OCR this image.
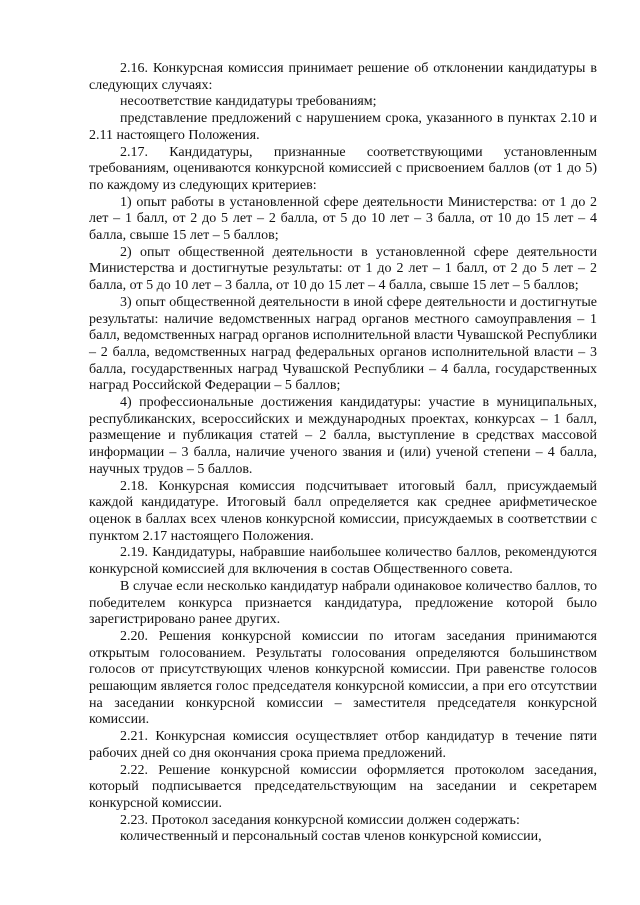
2.16. Конкурсная комиссия принимает решение об отклонении кандидатуры в следующих случаях:

несоответствие кандидатуры требованиям;

представление предложений с нарушением срока, указанного в пунктах 2.10 и 2.11 настоящего Положения.

2.17. Кандидатуры, признанные соответствующими установленным требованиям, оцениваются конкурсной комиссией с присвоением баллов (от 1 до 5) по каждому из следующих критериев:

1) опыт работы в установленной сфере деятельности Министерства: от 1 до 2 лет – 1 балл, от 2 до 5 лет – 2 балла, от 5 до 10 лет – 3 балла, от 10 до 15 лет – 4 балла, свыше 15 лет – 5 баллов;

2) опыт общественной деятельности в установленной сфере деятельности Министерства и достигнутые результаты: от 1 до 2 лет – 1 балл, от 2 до 5 лет – 2 балла, от 5 до 10 лет – 3 балла, от 10 до 15 лет – 4 балла, свыше 15 лет – 5 баллов;

3) опыт общественной деятельности в иной сфере деятельности и достигнутые результаты: наличие ведомственных наград органов местного самоуправления – 1 балл, ведомственных наград органов исполнительной власти Чувашской Республики – 2 балла, ведомственных наград федеральных органов исполнительной власти – 3 балла, государственных наград Чувашской Республики – 4 балла, государственных наград Российской Федерации – 5 баллов;

4) профессиональные достижения кандидатуры: участие в муниципальных, республиканских, всероссийских и международных проектах, конкурсах – 1 балл, размещение и публикация статей – 2 балла, выступление в средствах массовой информации – 3 балла, наличие ученого звания и (или) ученой степени – 4 балла, научных трудов – 5 баллов.

2.18. Конкурсная комиссия подсчитывает итоговый балл, присуждаемый каждой кандидатуре. Итоговый балл определяется как среднее арифметическое оценок в баллах всех членов конкурсной комиссии, присуждаемых в соответствии с пунктом 2.17 настоящего Положения.

2.19. Кандидатуры, набравшие наибольшее количество баллов, рекомендуются конкурсной комиссией для включения в состав Общественного совета.

В случае если несколько кандидатур набрали одинаковое количество баллов, то победителем конкурса признается кандидатура, предложение которой было зарегистрировано ранее других.

2.20. Решения конкурсной комиссии по итогам заседания принимаются открытым голосованием. Результаты голосования определяются большинством голосов от присутствующих членов конкурсной комиссии. При равенстве голосов решающим является голос председателя конкурсной комиссии, а при его отсутствии на заседании конкурсной комиссии – заместителя председателя конкурсной комиссии.

2.21. Конкурсная комиссия осуществляет отбор кандидатур в течение пяти рабочих дней со дня окончания срока приема предложений.

2.22. Решение конкурсной комиссии оформляется протоколом заседания, который подписывается председательствующим на заседании и секретарем конкурсной комиссии.

2.23. Протокол заседания конкурсной комиссии должен содержать:

количественный и персональный состав членов конкурсной комиссии,
